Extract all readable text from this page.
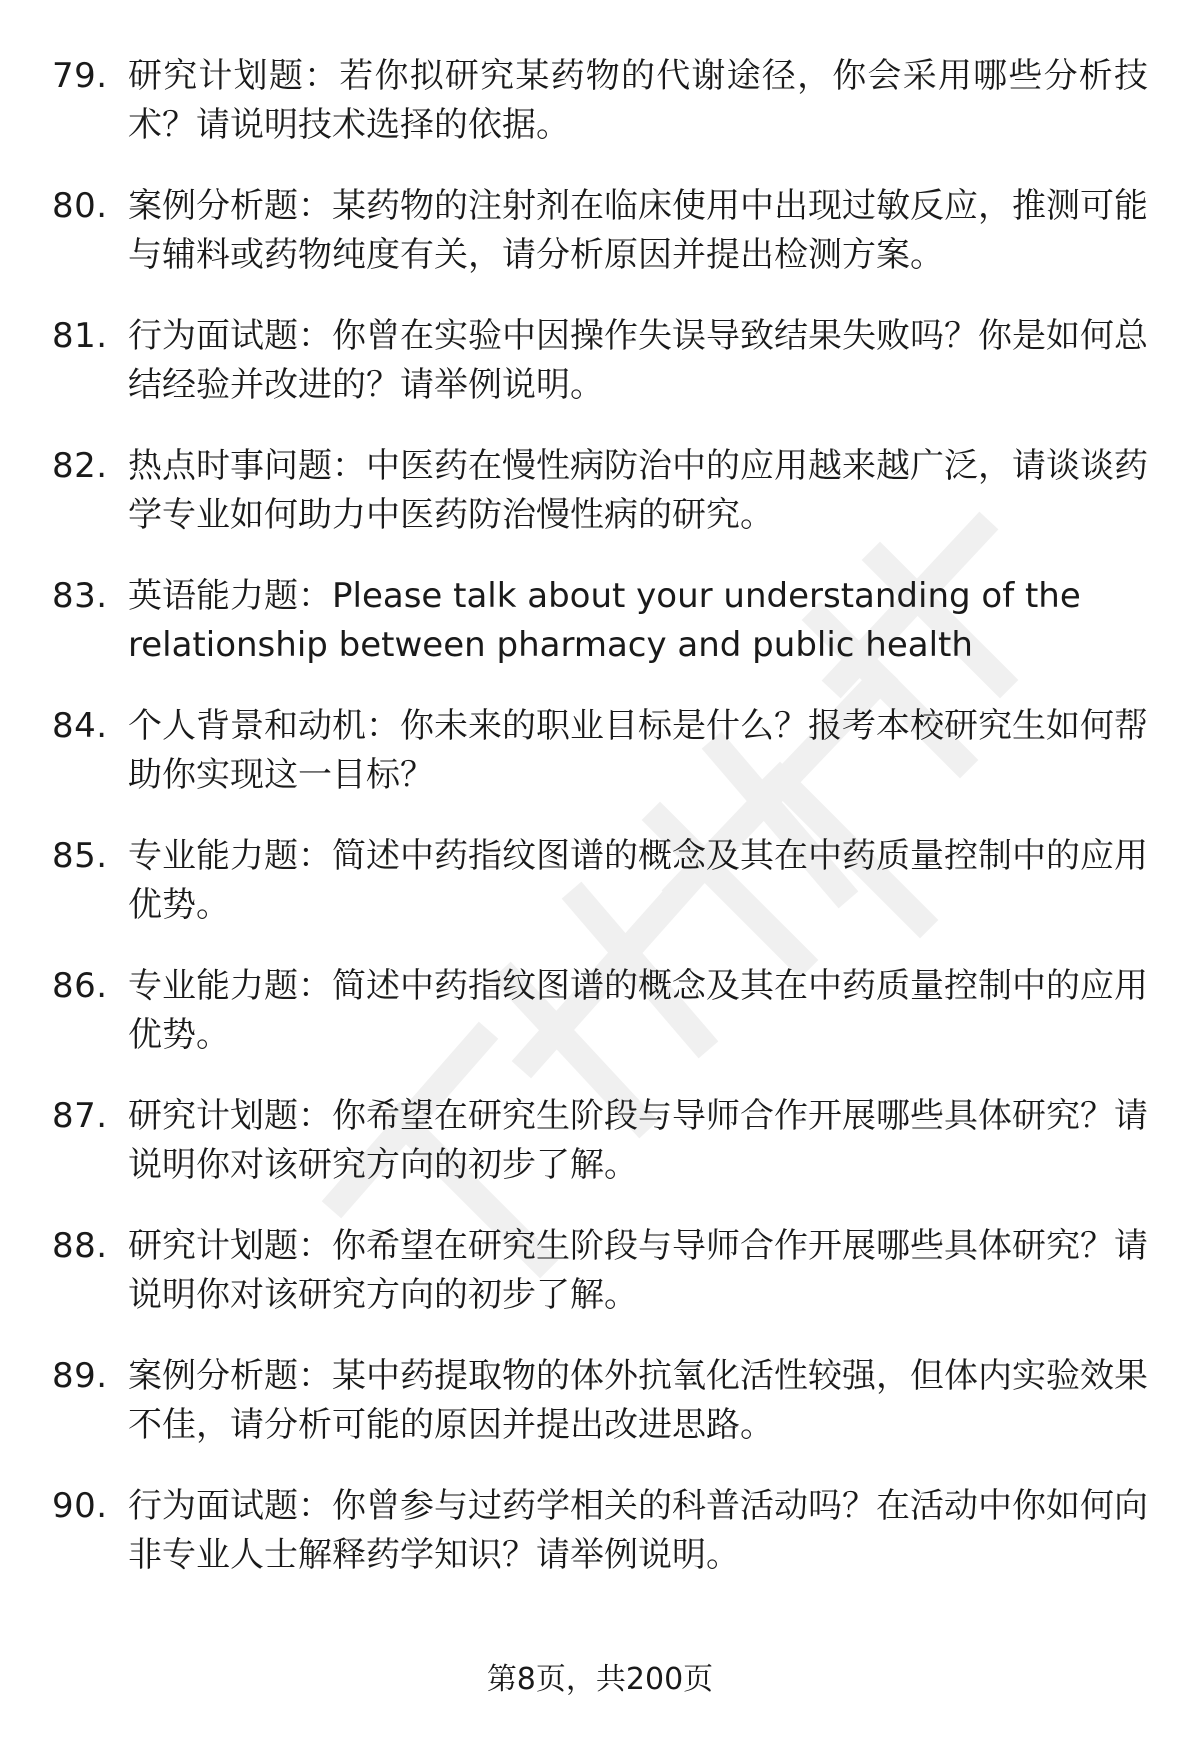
79. 研究计划题：若你拟研究某药物的代谢途径，你会采用哪些分析技术？请说明技术选择的依据。
80. 案例分析题：某药物的注射剂在临床使用中出现过敏反应，推测可能与辅料或药物纯度有关，请分析原因并提出检测方案。
81. 行为面试题：你曾在实验中因操作失误导致结果失败吗？你是如何总结经验并改进的？请举例说明。
82. 热点时事问题：中医药在慢性病防治中的应用越来越广泛，请谈谈药学专业如何助力中医药防治慢性病的研究。
83. 英语能力题：Please talk about your understanding of the relationship between pharmacy and public health
84. 个人背景和动机：你未来的职业目标是什么？报考本校研究生如何帮助你实现这一目标？
85. 专业能力题：简述中药指纹图谱的概念及其在中药质量控制中的应用优势。
86. 专业能力题：简述中药指纹图谱的概念及其在中药质量控制中的应用优势。
87. 研究计划题：你希望在研究生阶段与导师合作开展哪些具体研究？请说明你对该研究方向的初步了解。
88. 研究计划题：你希望在研究生阶段与导师合作开展哪些具体研究？请说明你对该研究方向的初步了解。
89. 案例分析题：某中药提取物的体外抗氧化活性较强，但体内实验效果不佳，请分析可能的原因并提出改进思路。
90. 行为面试题：你曾参与过药学相关的科普活动吗？在活动中你如何向非专业人士解释药学知识？请举例说明。
第8页，共200页
